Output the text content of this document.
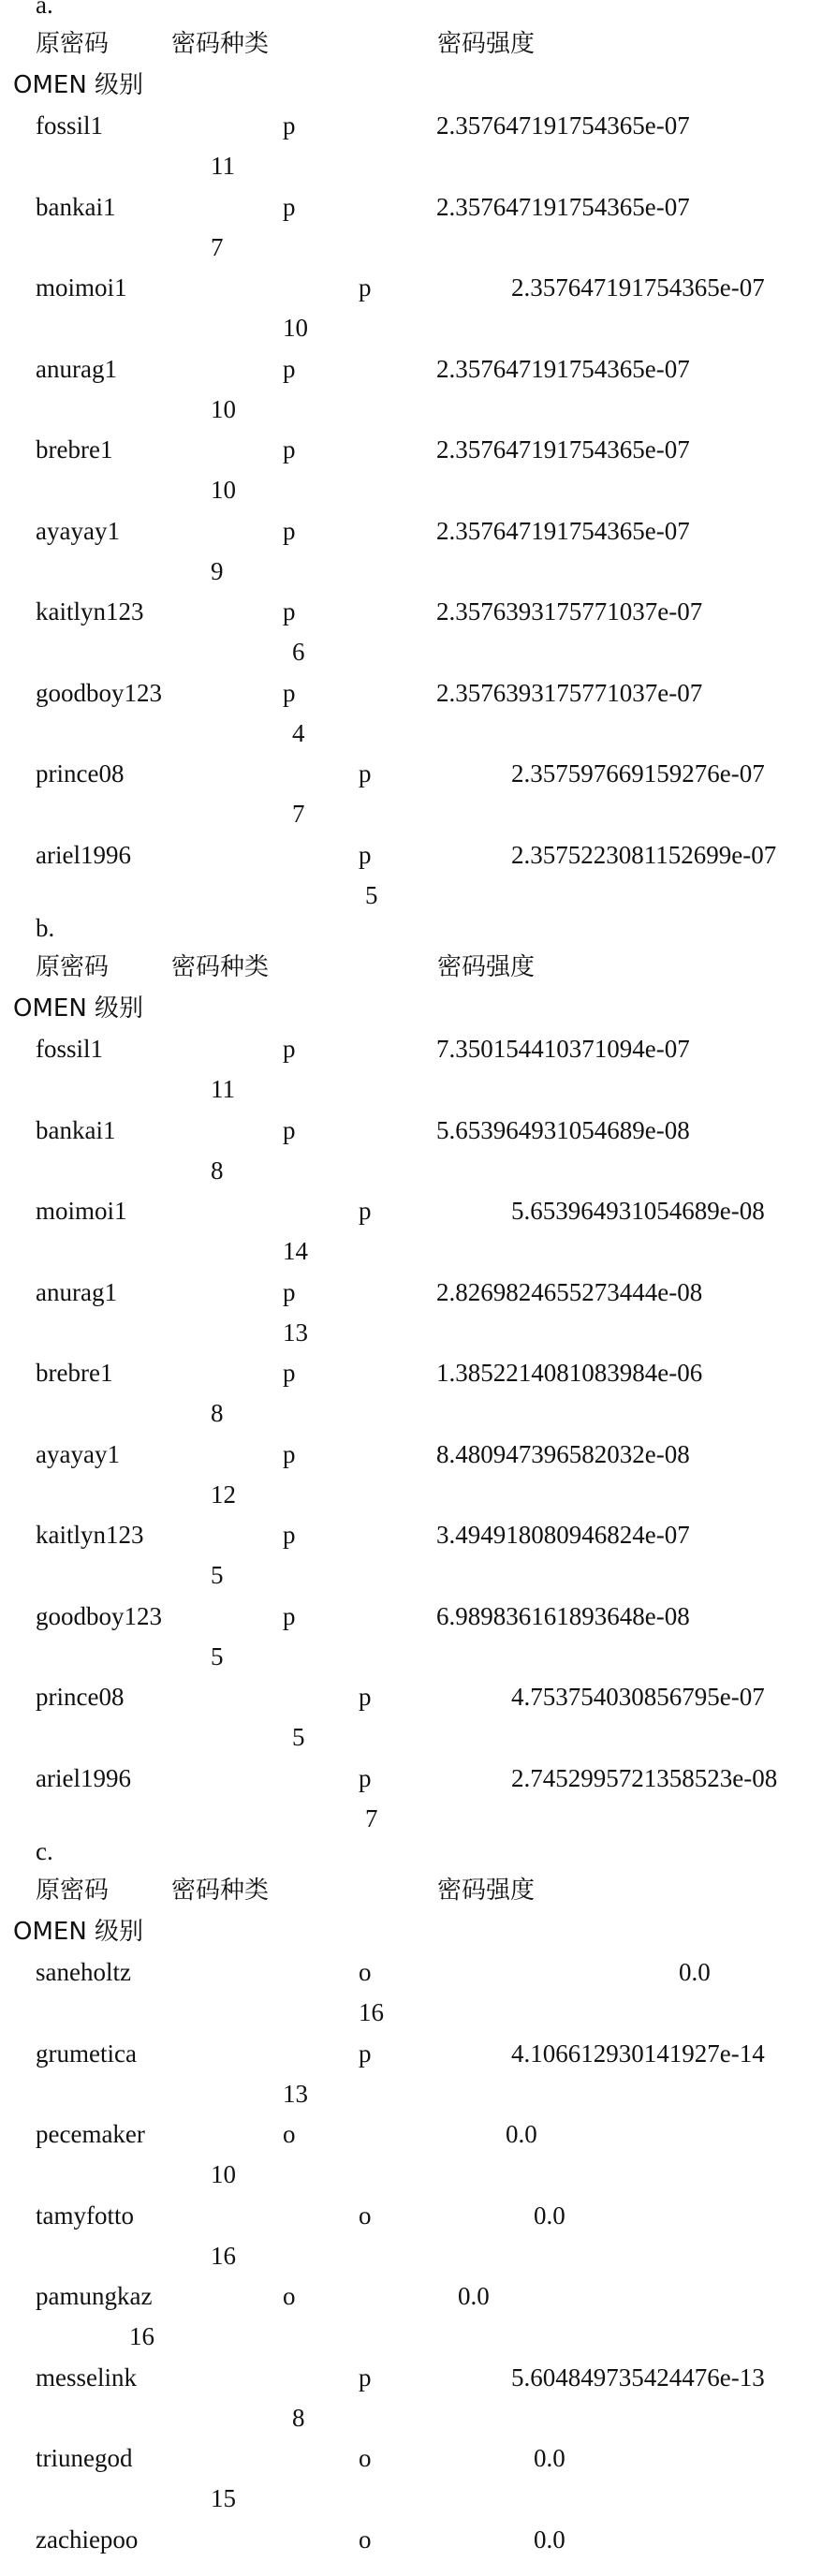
a.
原密码	密码种类	密码强度
OMEN 级别
fossil1	p	2.357647191754365e-07
11
bankai1	p	2.357647191754365e-07
7
moimoi1	p	2.357647191754365e-07
10
anurag1	p	2.357647191754365e-07
10
brebre1	p	2.357647191754365e-07
10
ayayay1	p	2.357647191754365e-07
9
kaitlyn123	p	2.3576393175771037e-07
6
goodboy123	p	2.3576393175771037e-07
4
prince08	p	2.357597669159276e-07
7
ariel1996	p	2.3575223081152699e-07
5
b.
原密码	密码种类	密码强度
OMEN 级别
fossil1	p	7.350154410371094e-07
11
bankai1	p	5.653964931054689e-08
8
moimoi1	p	5.653964931054689e-08
14
anurag1	p	2.8269824655273444e-08
13
brebre1	p	1.3852214081083984e-06
8
ayayay1	p	8.480947396582032e-08
12
kaitlyn123	p	3.494918080946824e-07
5
goodboy123	p	6.989836161893648e-08
5
prince08	p	4.753754030856795e-07
5
ariel1996	p	2.7452995721358523e-08
7
c.
原密码	密码种类	密码强度
OMEN 级别
saneholtz	o	0.0
16
grumetica	p	4.106612930141927e-14
13
pecemaker	o	0.0
10
tamyfotto	o	0.0
16
pamungkaz	o	0.0
16
messelink	p	5.604849735424476e-13
8
triunegod	o	0.0
15
zachiepoo	o	0.0
